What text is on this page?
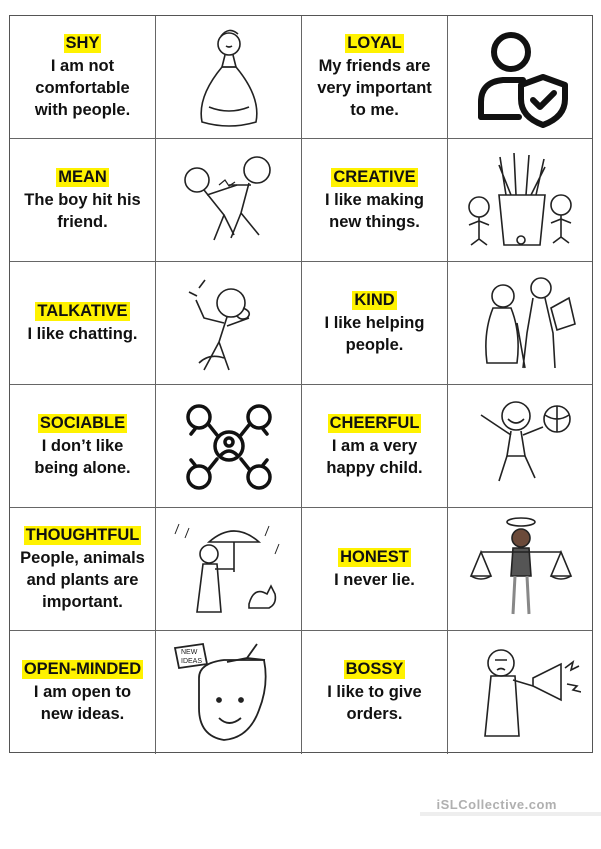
SHY
I am not
comfortable
with people.
LOYAL
My friends are
very important
to me.
MEAN
The boy hit his
friend.
CREATIVE
I like making
new things.
TALKATIVE
I like chatting.
KIND
I like helping
people.
SOCIABLE
I don’t like
being alone.
CHEERFUL
I am a very
happy child.
THOUGHTFUL
People, animals
and plants are
important.
HONEST
I never lie.
OPEN-MINDED
I am open to
new ideas.
NEW
IDEAS	BOSSY
I like to give
orders.
iSLCollective.com
